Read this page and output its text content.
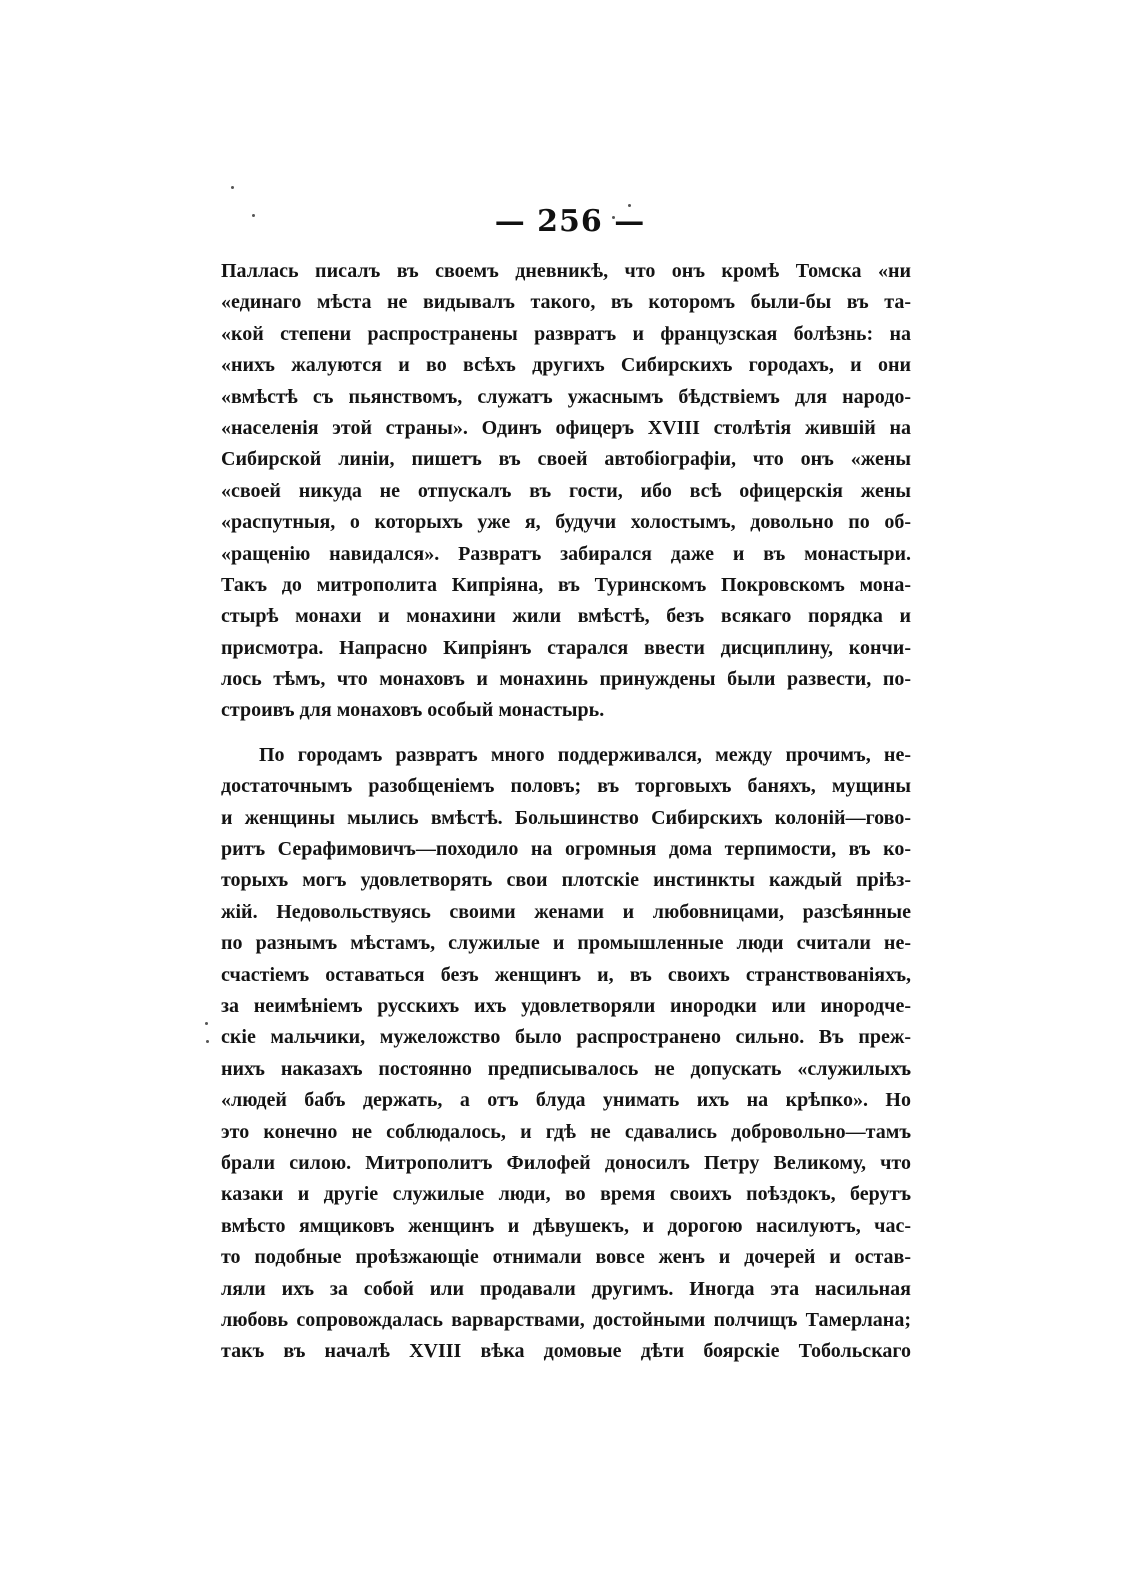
— 256 —
Паллась писалъ въ своемъ дневникѣ, что онъ кромѣ Томска «ни
«единаго мѣста не видывалъ такого, въ которомъ были-бы въ та-
«кой степени распространены развратъ и французская болѣзнь: на
«нихъ жалуются и во всѣхъ другихъ Сибирскихъ городахъ, и они
«вмѣстѣ съ пьянствомъ, служатъ ужаснымъ бѣдствіемъ для народо-
«населенія этой страны». Одинъ офицеръ XVIII столѣтія жившій на
Сибирской линіи, пишетъ въ своей автобіографіи, что онъ «жены
«своей никуда не отпускалъ въ гости, ибо всѣ офицерскія жены
«распутныя, о которыхъ уже я, будучи холостымъ, довольно по об-
«ращенію навидался». Развратъ забирался даже и въ монастыри.
Такъ до митрополита Кипріяна, въ Туринскомъ Покровскомъ мона-
стырѣ монахи и монахини жили вмѣстѣ, безъ всякаго порядка и
присмотра. Напрасно Кипріянъ старался ввести дисциплину, кончи-
лось тѣмъ, что монаховъ и монахинь принуждены были развести, по-
строивъ для монаховъ особый монастырь.
По городамъ развратъ много поддерживался, между прочимъ, не-
достаточнымъ разобщеніемъ половъ; въ торговыхъ баняхъ, мущины
и женщины мылись вмѣстѣ. Большинство Сибирскихъ колоній—гово-
ритъ Серафимовичъ—походило на огромныя дома терпимости, въ ко-
торыхъ могъ удовлетворять свои плотскіе инстинкты каждый пріѣз-
жій. Недовольствуясь своими женами и любовницами, разсѣянные
по разнымъ мѣстамъ, служилые и промышленные люди считали не-
счастіемъ оставаться безъ женщинъ и, въ своихъ странствованіяхъ,
за неимѣніемъ русскихъ ихъ удовлетворяли инородки или инородче-
скіе мальчики, мужеложство было распространено сильно. Въ преж-
нихъ наказахъ постоянно предписывалось не допускать «служилыхъ
«людей бабъ держать, а отъ блуда унимать ихъ на крѣпко». Но
это конечно не соблюдалось, и гдѣ не сдавались добровольно—тамъ
брали силою. Митрополитъ Филофей доносилъ Петру Великому, что
казаки и другіе служилые люди, во время своихъ поѣздокъ, берутъ
вмѣсто ямщиковъ женщинъ и дѣвушекъ, и дорогою насилуютъ, час-
то подобные проѣзжающіе отнимали вовсе женъ и дочерей и остав-
ляли ихъ за собой или продавали другимъ. Иногда эта насильная
любовь сопровождалась варварствами, достойными полчищъ Тамерлана;
такъ въ началѣ XVIII вѣка домовые дѣти боярскіе Тобольскаго
